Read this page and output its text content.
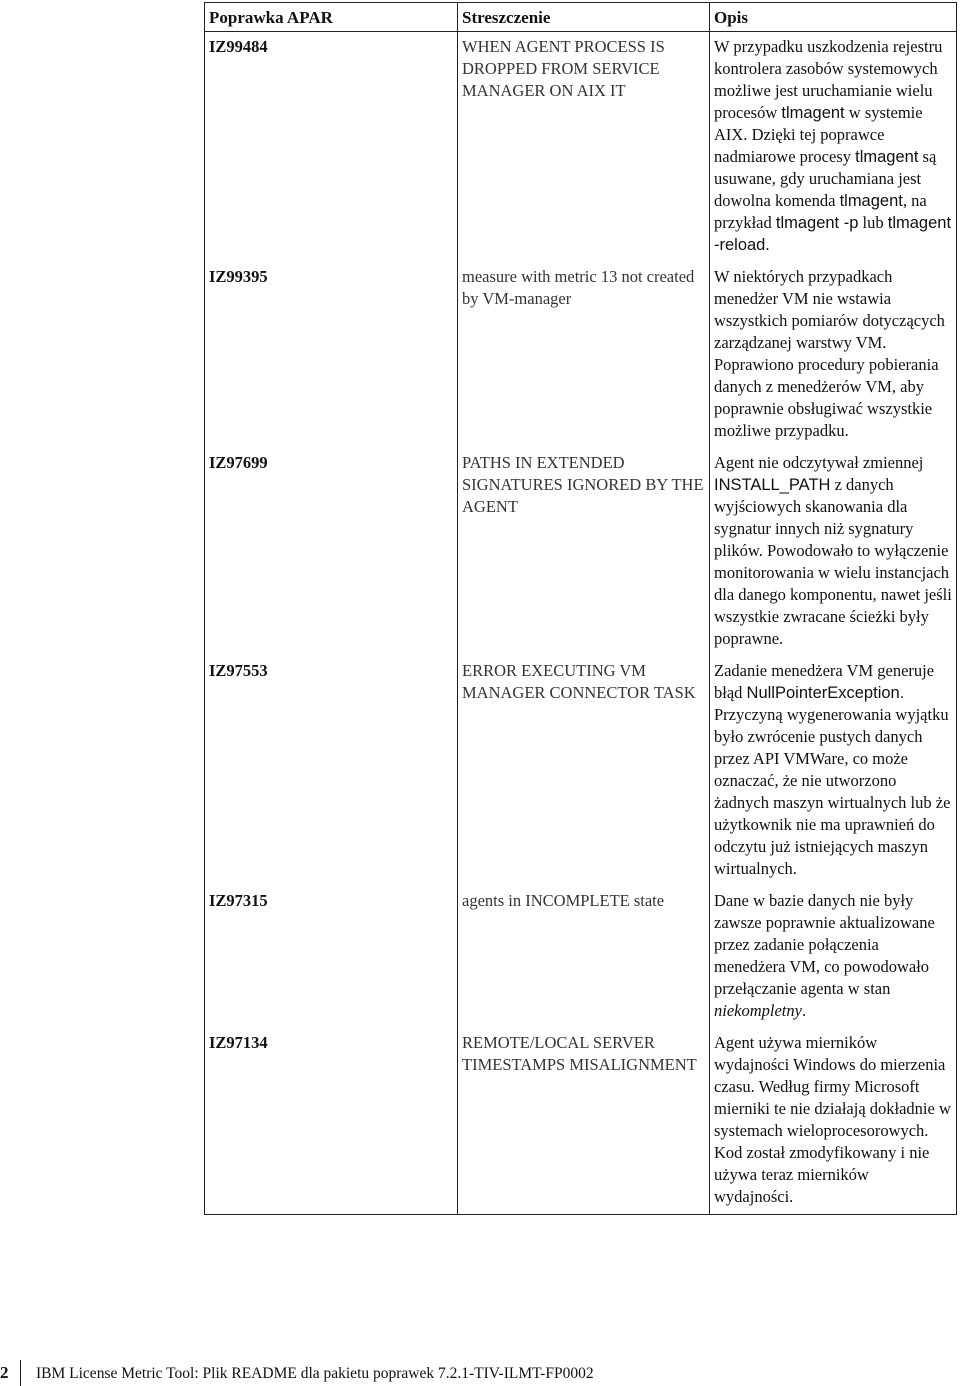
Poprawka APAR	Streszczenie	Opis
IZ99484	WHEN AGENT PROCESS IS DROPPED FROM SERVICE MANAGER ON AIX IT	W przypadku uszkodzenia rejestru kontrolera zasobów systemowych możliwe jest uruchamianie wielu procesów tlmagent w systemie AIX. Dzięki tej poprawce nadmiarowe procesy tlmagent są usuwane, gdy uruchamiana jest dowolna komenda tlmagent, na przykład tlmagent -p lub tlmagent -reload.
IZ99395	measure with metric 13 not created by VM-manager	W niektórych przypadkach menedżer VM nie wstawia wszystkich pomiarów dotyczących zarządzanej warstwy VM. Poprawiono procedury pobierania danych z menedżerów VM, aby poprawnie obsługiwać wszystkie możliwe przypadku.
IZ97699	PATHS IN EXTENDED SIGNATURES IGNORED BY THE AGENT	Agent nie odczytywał zmiennej INSTALL_PATH z danych wyjściowych skanowania dla sygnatur innych niż sygnatury plików. Powodowało to wyłączenie monitorowania w wielu instancjach dla danego komponentu, nawet jeśli wszystkie zwracane ścieżki były poprawne.
IZ97553	ERROR EXECUTING VM MANAGER CONNECTOR TASK	Zadanie menedżera VM generuje błąd NullPointerException. Przyczyną wygenerowania wyjątku było zwrócenie pustych danych przez API VMWare, co może oznaczać, że nie utworzono żadnych maszyn wirtualnych lub że użytkownik nie ma uprawnień do odczytu już istniejących maszyn wirtualnych.
IZ97315	agents in INCOMPLETE state	Dane w bazie danych nie były zawsze poprawnie aktualizowane przez zadanie połączenia menedżera VM, co powodowało przełączanie agenta w stan niekompletny.
IZ97134	REMOTE/LOCAL SERVER TIMESTAMPS MISALIGNMENT	Agent używa mierników wydajności Windows do mierzenia czasu. Według firmy Microsoft mierniki te nie działają dokładnie w systemach wieloprocesorowych. Kod został zmodyfikowany i nie używa teraz mierników wydajności.
2	IBM License Metric Tool: Plik README dla pakietu poprawek 7.2.1-TIV-ILMT-FP0002
